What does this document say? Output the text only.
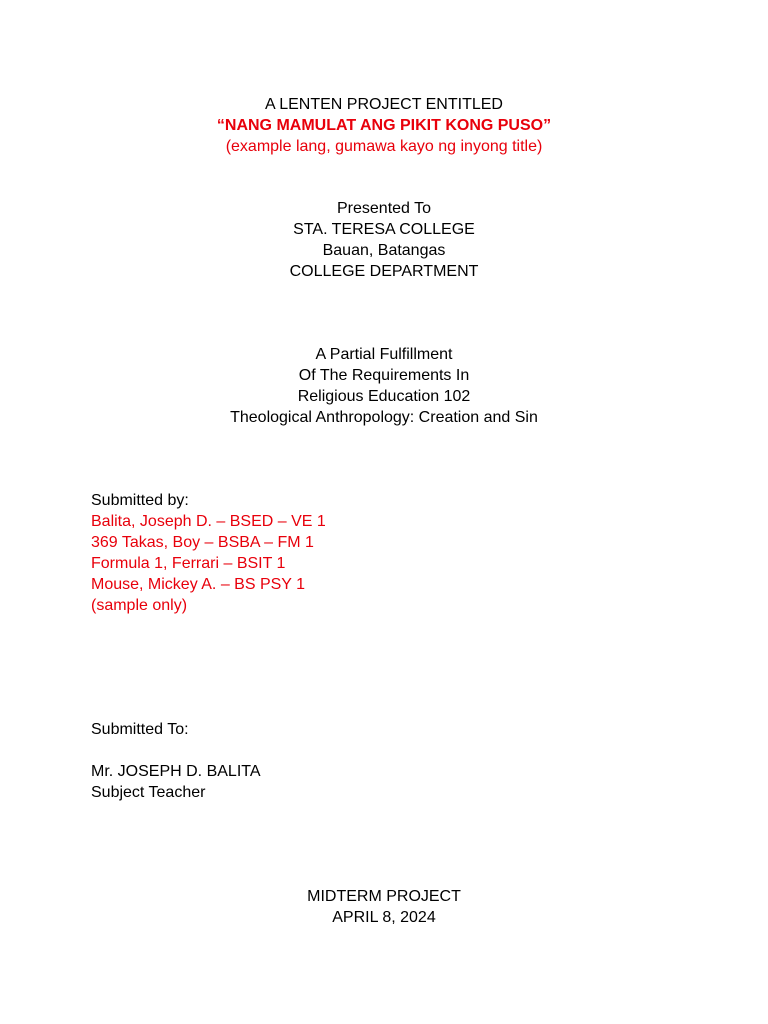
A LENTEN PROJECT ENTITLED

“NANG MAMULAT ANG PIKIT KONG PUSO”

(example lang, gumawa kayo ng inyong title)

Presented To

STA. TERESA COLLEGE

Bauan, Batangas

COLLEGE DEPARTMENT

A Partial Fulfillment

Of The Requirements In

Religious Education 102

Theological Anthropology: Creation and Sin

Submitted by:

Balita, Joseph D. – BSED – VE 1

369 Takas, Boy – BSBA – FM 1

Formula 1, Ferrari – BSIT 1

Mouse, Mickey A. – BS PSY 1

(sample only)

Submitted To:

Mr. JOSEPH D. BALITA

Subject Teacher

MIDTERM PROJECT

APRIL 8, 2024
